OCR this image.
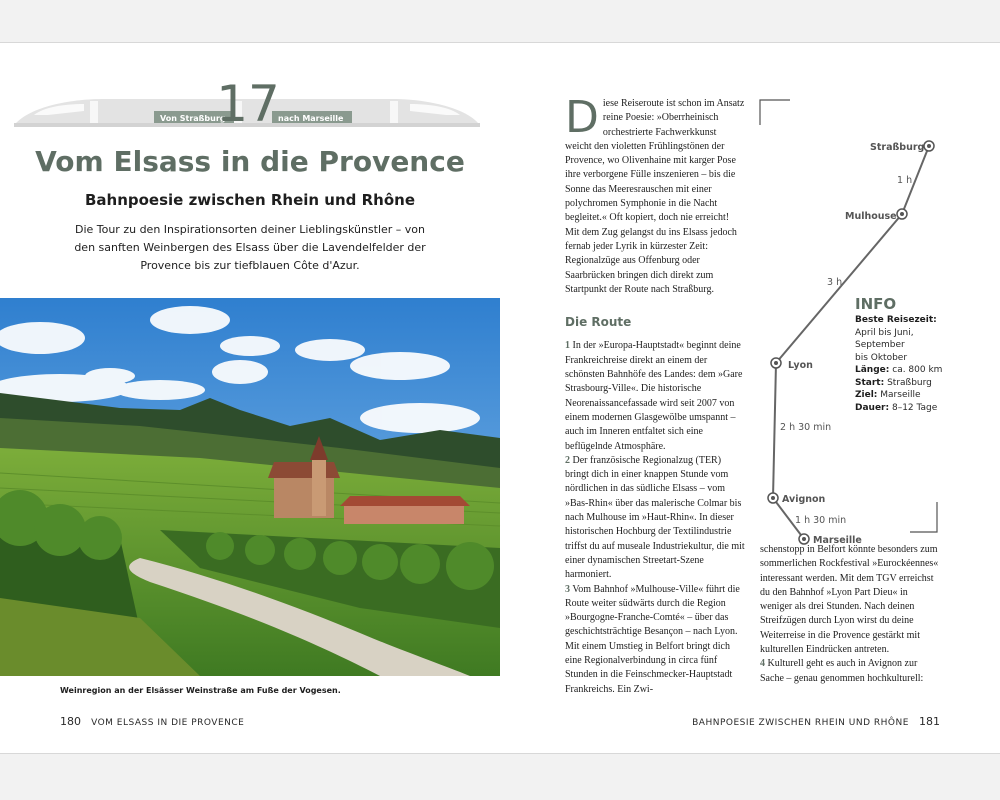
Von Straßburg	nach Marseille
17
Vom Elsass in die Provence
Bahnpoesie zwischen Rhein und Rhône

Die Tour zu den Inspirationsorten deiner Lieblingskünstler – von den sanften Weinbergen des Elsass über die Lavendelfelder der Provence bis zur tiefblauen Côte d'Azur.

Weinregion an der Elsässer Weinstraße am Fuße der Vogesen.
180 VOM ELSASS IN DIE PROVENCE
D iese Reiseroute ist schon im Ansatz reine Poesie: »Oberrheinisch orchestrierte Fachwerkkunst weicht den violetten Frühlingstönen der Provence, wo Olivenhaine mit karger Pose ihre verborgene Fülle inszenieren – bis die Sonne das Meeresrauschen mit einer polychromen Symphonie in die Nacht begleitet.« Oft kopiert, doch nie erreicht! Mit dem Zug gelangst du ins Elsass jedoch fernab jeder Lyrik in kürzester Zeit: Regionalzüge aus Offenburg oder Saarbrücken bringen dich direkt zum Startpunkt der Route nach Straßburg.

Die Route

1 In der »Europa-Hauptstadt« beginnt deine Frankreichreise direkt an einem der schönsten Bahnhöfe des Landes: dem »Gare Strasbourg-Ville«. Die historische Neorenaissancefassade wird seit 2007 von einem modernen Glasgewölbe umspannt – auch im Inneren entfaltet sich eine beflügelnde Atmosphäre.

2 Der französische Regionalzug (TER) bringt dich in einer knappen Stunde vom nördlichen in das südliche Elsass – vom »Bas-Rhin« über das malerische Colmar bis nach Mulhouse im »Haut-Rhin«. In dieser historischen Hochburg der Textilindustrie triffst du auf museale Industriekultur, die mit einer dynamischen Streetart-Szene harmoniert.

3 Vom Bahnhof »Mulhouse-Ville« führt die Route weiter südwärts durch die Region »Bourgogne-Franche-Comté« – über das geschichtsträchtige Besançon – nach Lyon. Mit einem Umstieg in Belfort bringt dich eine Regionalverbindung in circa fünf Stunden in die Feinschmecker-Hauptstadt Frankreichs. Ein Zwi-

Straßburg
Mulhouse
Lyon
Avignon
Marseille
1 h
3 h
2 h 30 min
1 h 30 min
INFO
Beste Reisezeit:
April bis Juni,
September
bis Oktober
Länge: ca. 800 km
Start: Straßburg
Ziel: Marseille
Dauer: 8–12 Tage

schenstopp in Belfort könnte besonders zum sommerlichen Rockfestival »Eurockéennes« interessant werden. Mit dem TGV erreichst du den Bahnhof »Lyon Part Dieu« in weniger als drei Stunden. Nach deinen Streifzügen durch Lyon wirst du deine Weiterreise in die Provence gestärkt mit kulturellen Eindrücken antreten.

4 Kulturell geht es auch in Avignon zur Sache – genau genommen hochkulturell:

BAHNPOESIE ZWISCHEN RHEIN UND RHÔNE 181
